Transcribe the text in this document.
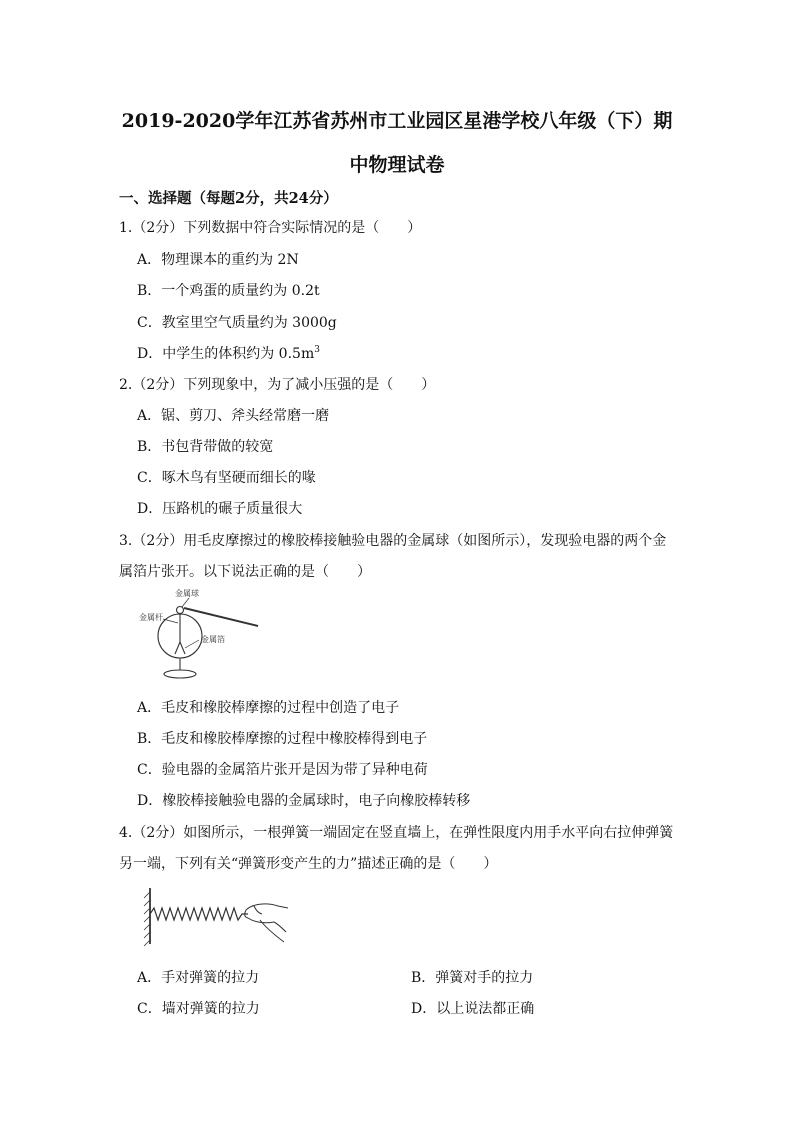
2019-2020学年江苏省苏州市工业园区星港学校八年级（下）期
中物理试卷
一、选择题（每题2分，共24分）
1.（2分）下列数据中符合实际情况的是（　　）
A．物理课本的重约为 2N
B．一个鸡蛋的质量约为 0.2t
C．教室里空气质量约为 3000g
D．中学生的体积约为 $0.5m^3$
2.（2分）下列现象中，为了减小压强的是（　　）
A．锯、剪刀、斧头经常磨一磨
B．书包背带做的较宽
C．啄木鸟有坚硬而细长的喙
D．压路机的碾子质量很大
3.（2分）用毛皮摩擦过的橡胶棒接触验电器的金属球（如图所示），发现验电器的两个金
属箔片张开。以下说法正确的是（　　）
金属球
金属杆
金属箔
A．毛皮和橡胶棒摩擦的过程中创造了电子
B．毛皮和橡胶棒摩擦的过程中橡胶棒得到电子
C．验电器的金属箔片张开是因为带了异种电荷
D．橡胶棒接触验电器的金属球时，电子向橡胶棒转移
4.（2分）如图所示，一根弹簧一端固定在竖直墙上，在弹性限度内用手水平向右拉伸弹簧
另一端，下列有关“弹簧形变产生的力”描述正确的是（　　）
A．手对弹簧的拉力	B．弹簧对手的拉力
C．墙对弹簧的拉力	D．以上说法都正确
